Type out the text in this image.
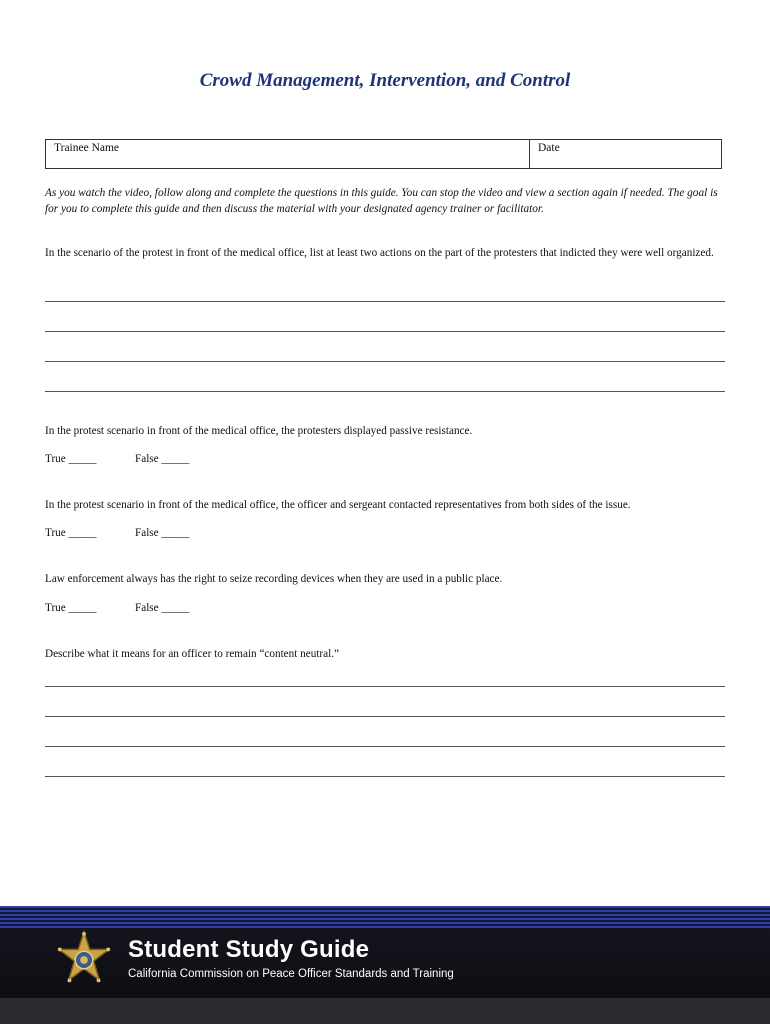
Crowd Management, Intervention, and Control
Trainee Name	Date
As you watch the video, follow along and complete the questions in this guide. You can stop the video and view a section again if needed. The goal is for you to complete this guide and then discuss the material with your designated agency trainer or facilitator.
In the scenario of the protest in front of the medical office, list at least two actions on the part of the protesters that indicted they were well organized.
In the protest scenario in front of the medical office, the protesters displayed passive resistance.
True _____	False _____
In the protest scenario in front of the medical office, the officer and sergeant contacted representatives from both sides of the issue.
True _____	False _____
Law enforcement always has the right to seize recording devices when they are used in a public place.
True _____	False _____
Describe what it means for an officer to remain “content neutral.”
Student Study Guide
California Commission on Peace Officer Standards and Training
